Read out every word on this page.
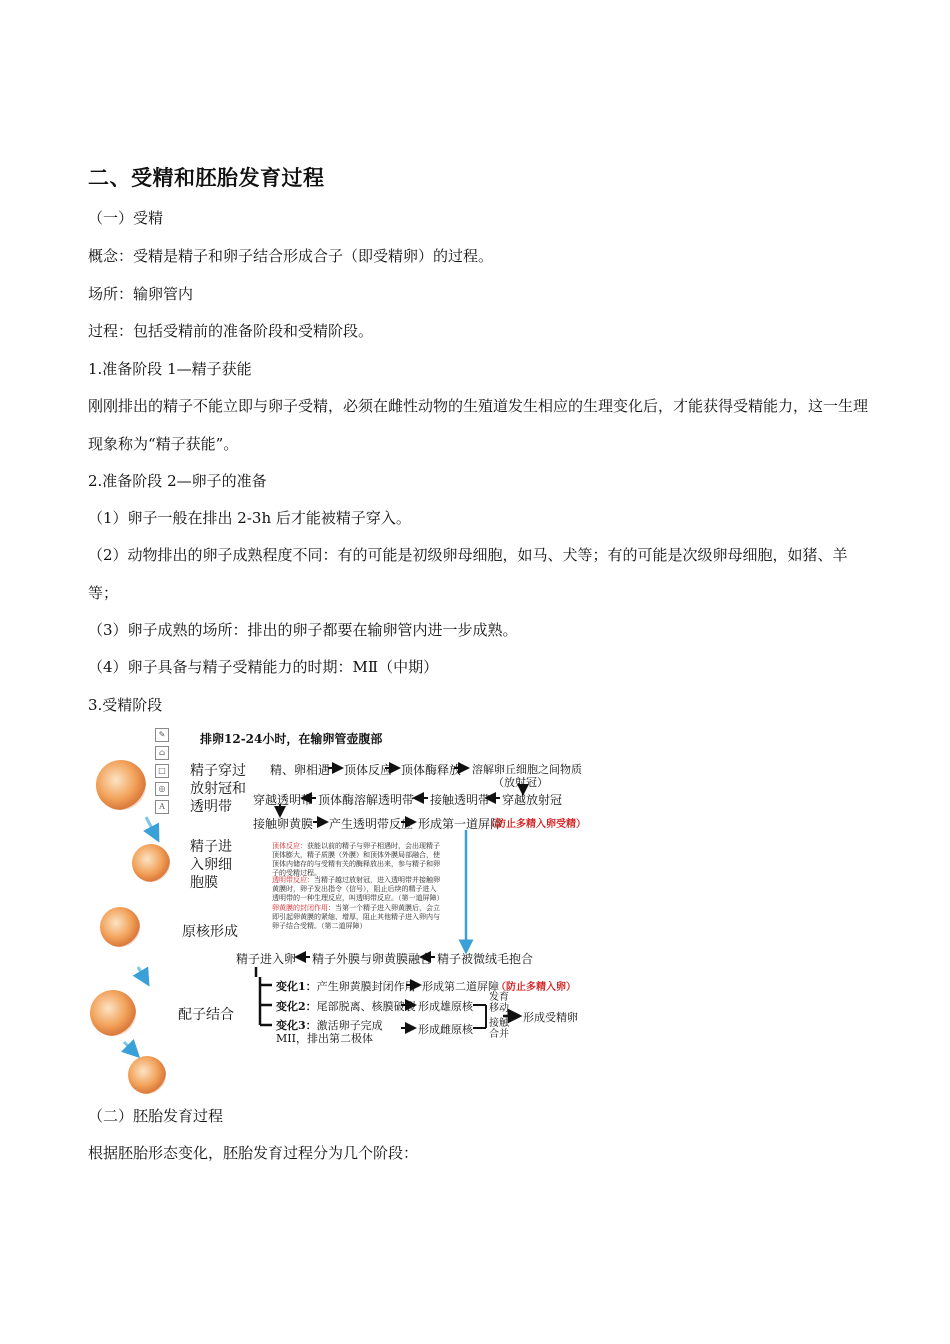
二、受精和胚胎发育过程
（一）受精
概念：受精是精子和卵子结合形成合子（即受精卵）的过程。
场所：输卵管内
过程：包括受精前的准备阶段和受精阶段。
1.准备阶段 1—精子获能
刚刚排出的精子不能立即与卵子受精，必须在雌性动物的生殖道发生相应的生理变化后，才能获得受精能力，这一生理现象称为“精子获能”。
2.准备阶段 2—卵子的准备
（1）卵子一般在排出 2-3h 后才能被精子穿入。
（2）动物排出的卵子成熟程度不同：有的可能是初级卵母细胞，如马、犬等；有的可能是次级卵母细胞，如猪、羊等；
（3）卵子成熟的场所：排出的卵子都要在输卵管内进一步成熟。
（4）卵子具备与精子受精能力的时期：MⅡ（中期）
3.受精阶段
✎
⌂
□
◎
A
精子穿过放射冠和透明带
精子进入卵细胞膜
原核形成
配子结合
排卵12-24小时，在输卵管壶腹部
精、卵相遇 顶体反应 顶体酶释放 溶解卵丘细胞之间物质
（放射冠）
穿越透明带 顶体酶溶解透明带 接触透明带 穿越放射冠
接触卵黄膜 产生透明带反应 形成第一道屏障
（防止多精入卵受精）
顶体反应：获能以前的精子与卵子相遇时，会出现精子顶体膨大，精子质膜（外膜）和顶体外膜局部融合，使顶体内储存的与受精有关的酶释放出来，参与精子和卵子的受精过程。
透明带反应：当精子越过放射冠，进入透明带并接触卵黄膜时，卵子发出指令（信号），阻止后续的精子进入透明带的一种生理反应，叫透明带反应。（第一道屏障）
卵黄膜的封闭作用：当第一个精子进入卵黄膜后，会立即引起卵黄膜的紧缩、增厚，阻止其他精子进入卵内与卵子结合受精。（第二道屏障）
精子进入卵 精子外膜与卵黄膜融合 精子被微绒毛抱合
变化1：产生卵黄膜封闭作用 形成第二道屏障
（防止多精入卵）
变化2：尾部脱离、核膜破裂 形成雄原核
变化3：激活卵子完成MII，排出第二极体
形成雌原核
发育
移动
接触
合并
形成受精卵
（二）胚胎发育过程
根据胚胎形态变化，胚胎发育过程分为几个阶段：
